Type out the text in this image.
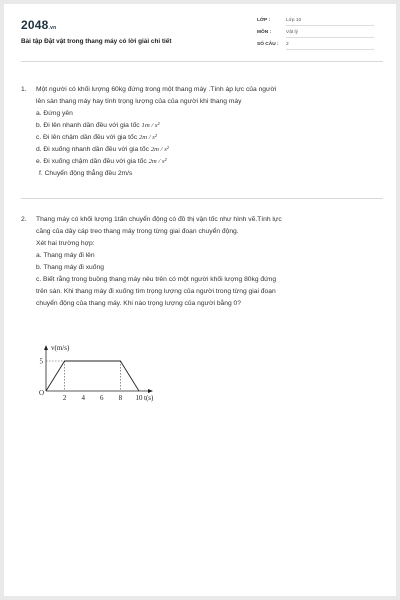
2048.vn
Bài tập Đặt vật trong thang máy có lời giải chi tiết
LỚP :	Lớp 10
MÔN :	Vật lý
SỐ CÂU :	2
1. Một người có khối lượng 60kg đứng trong một thang máy .Tính áp lực của người
lên sàn thang máy hay tính trọng lượng của của người khi thang máy
a. Đứng yên
b. Đi lên nhanh dần đều với gia tốc 1m / s²
c. Đi lên chậm dần đều với gia tốc 2m / s²
d. Đi xuống nhanh dần đều với gia tốc 2m / s²
e. Đi xuống chậm dần đều với gia tốc 2m / s²
f. Chuyển động thẳng đều 2m/s
2. Thang máy có khối lượng 1tấn chuyển động có đồ thị vận tốc như hình vẽ.Tính lực
căng của dây cáp treo thang máy trong từng giai đoạn chuyển động.
Xét hai trường hợp:
a. Thang máy đi lên
b. Thang máy đi xuống
c. Biết rằng trong buồng thang máy nêu trên có một người khối lượng 80kg đứng
trên sàn. Khi thang máy đi xuống tìm trọng lượng của người trong từng giai đoạn
chuyển động của thang máy. Khi nào trọng lượng của người bằng 0?
v(m/s)
t(s)
O
2 4 6 8 10
5
